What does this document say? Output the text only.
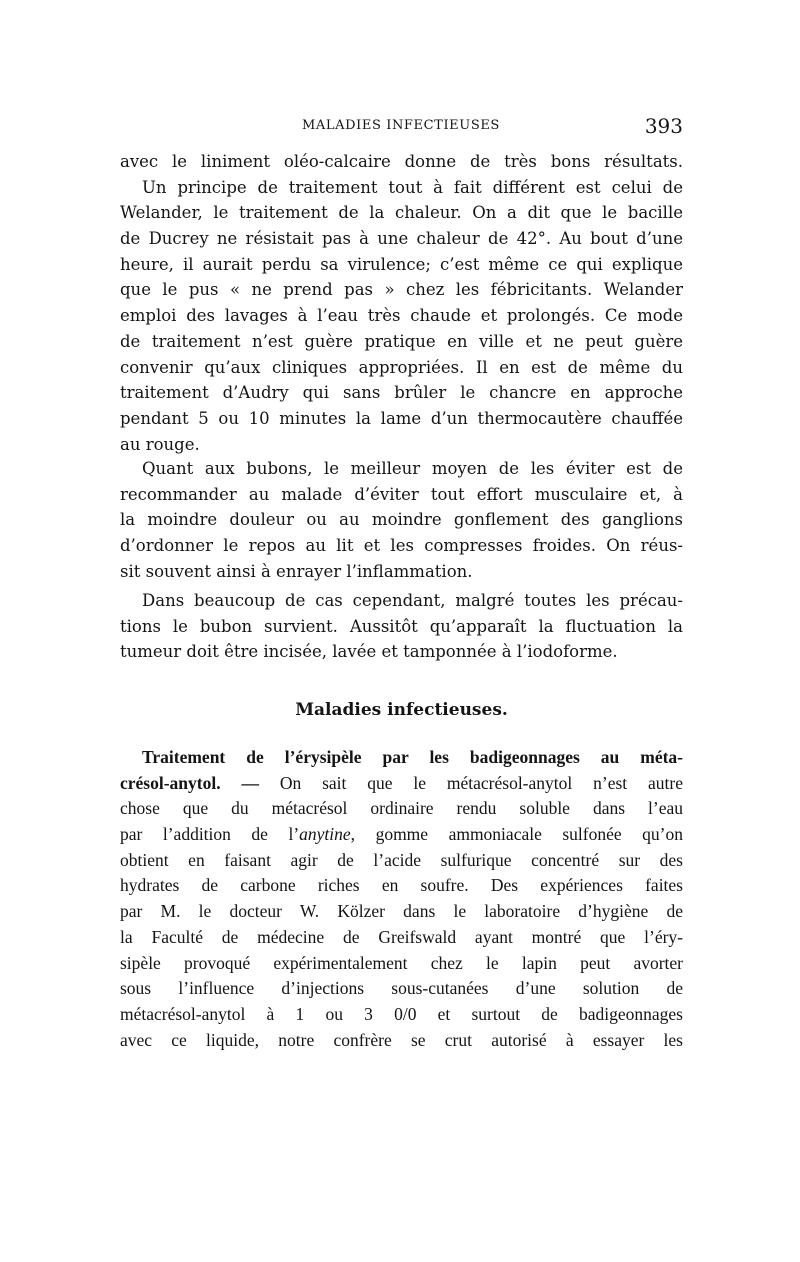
MALADIES INFECTIEUSES	393
avec le liniment oléo-calcaire donne de très bons résultats.
Un principe de traitement tout à fait différent est celui de
Welander, le traitement de la chaleur. On a dit que le bacille
de Ducrey ne résistait pas à une chaleur de 42°. Au bout d’une
heure, il aurait perdu sa virulence; c’est même ce qui explique
que le pus « ne prend pas » chez les fébricitants. Welander
emploi des lavages à l’eau très chaude et prolongés. Ce mode
de traitement n’est guère pratique en ville et ne peut guère
convenir qu’aux cliniques appropriées. Il en est de même du
traitement d’Audry qui sans brûler le chancre en approche
pendant 5 ou 10 minutes la lame d’un thermocautère chauffée
au rouge.
Quant aux bubons, le meilleur moyen de les éviter est de
recommander au malade d’éviter tout effort musculaire et, à
la moindre douleur ou au moindre gonflement des ganglions
d’ordonner le repos au lit et les compresses froides. On réus-
sit souvent ainsi à enrayer l’inflammation.
Dans beaucoup de cas cependant, malgré toutes les précau-
tions le bubon survient. Aussitôt qu’apparaît la fluctuation la
tumeur doit être incisée, lavée et tamponnée à l’iodoforme.
Maladies infectieuses.
Traitement de l’érysipèle par les badigeonnages au méta-
crésol-anytol. — On sait que le métacrésol-anytol n’est autre
chose que du métacrésol ordinaire rendu soluble dans l’eau
par l’addition de l’anytine, gomme ammoniacale sulfonée qu’on
obtient en faisant agir de l’acide sulfurique concentré sur des
hydrates de carbone riches en soufre. Des expériences faites
par M. le docteur W. Kölzer dans le laboratoire d’hygiène de
la Faculté de médecine de Greifswald ayant montré que l’éry-
sipèle provoqué expérimentalement chez le lapin peut avorter
sous l’influence d’injections sous-cutanées d’une solution de
métacrésol-anytol à 1 ou 3 0/0 et surtout de badigeonnages
avec ce liquide, notre confrère se crut autorisé à essayer les
